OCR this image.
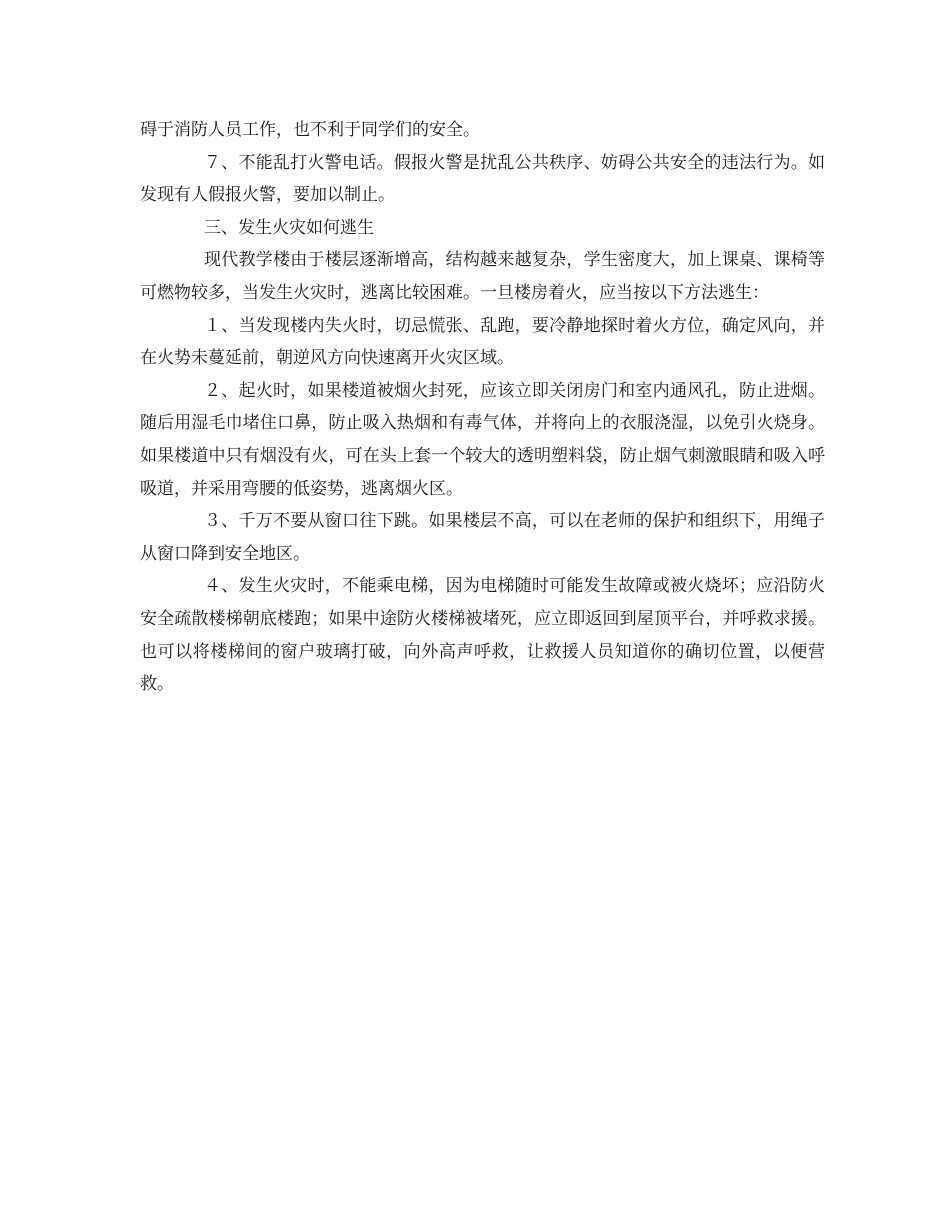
碍于消防人员工作，也不利于同学们的安全。

７、不能乱打火警电话。假报火警是扰乱公共秩序、妨碍公共安全的违法行为。如发现有人假报火警，要加以制止。

三、发生火灾如何逃生

现代教学楼由于楼层逐渐增高，结构越来越复杂，学生密度大，加上课桌、课椅等可燃物较多，当发生火灾时，逃离比较困难。一旦楼房着火，应当按以下方法逃生：

１、当发现楼内失火时，切忌慌张、乱跑，要冷静地探时着火方位，确定风向，并在火势未蔓延前，朝逆风方向快速离开火灾区域。

２、起火时，如果楼道被烟火封死，应该立即关闭房门和室内通风孔，防止进烟。随后用湿毛巾堵住口鼻，防止吸入热烟和有毒气体，并将向上的衣服浇湿，以免引火烧身。如果楼道中只有烟没有火，可在头上套一个较大的透明塑料袋，防止烟气刺激眼睛和吸入呼吸道，并采用弯腰的低姿势，逃离烟火区。

３、千万不要从窗口往下跳。如果楼层不高，可以在老师的保护和组织下，用绳子从窗口降到安全地区。

４、发生火灾时，不能乘电梯，因为电梯随时可能发生故障或被火烧坏；应沿防火安全疏散楼梯朝底楼跑；如果中途防火楼梯被堵死，应立即返回到屋顶平台，并呼救求援。也可以将楼梯间的窗户玻璃打破，向外高声呼救，让救援人员知道你的确切位置，以便营救。
